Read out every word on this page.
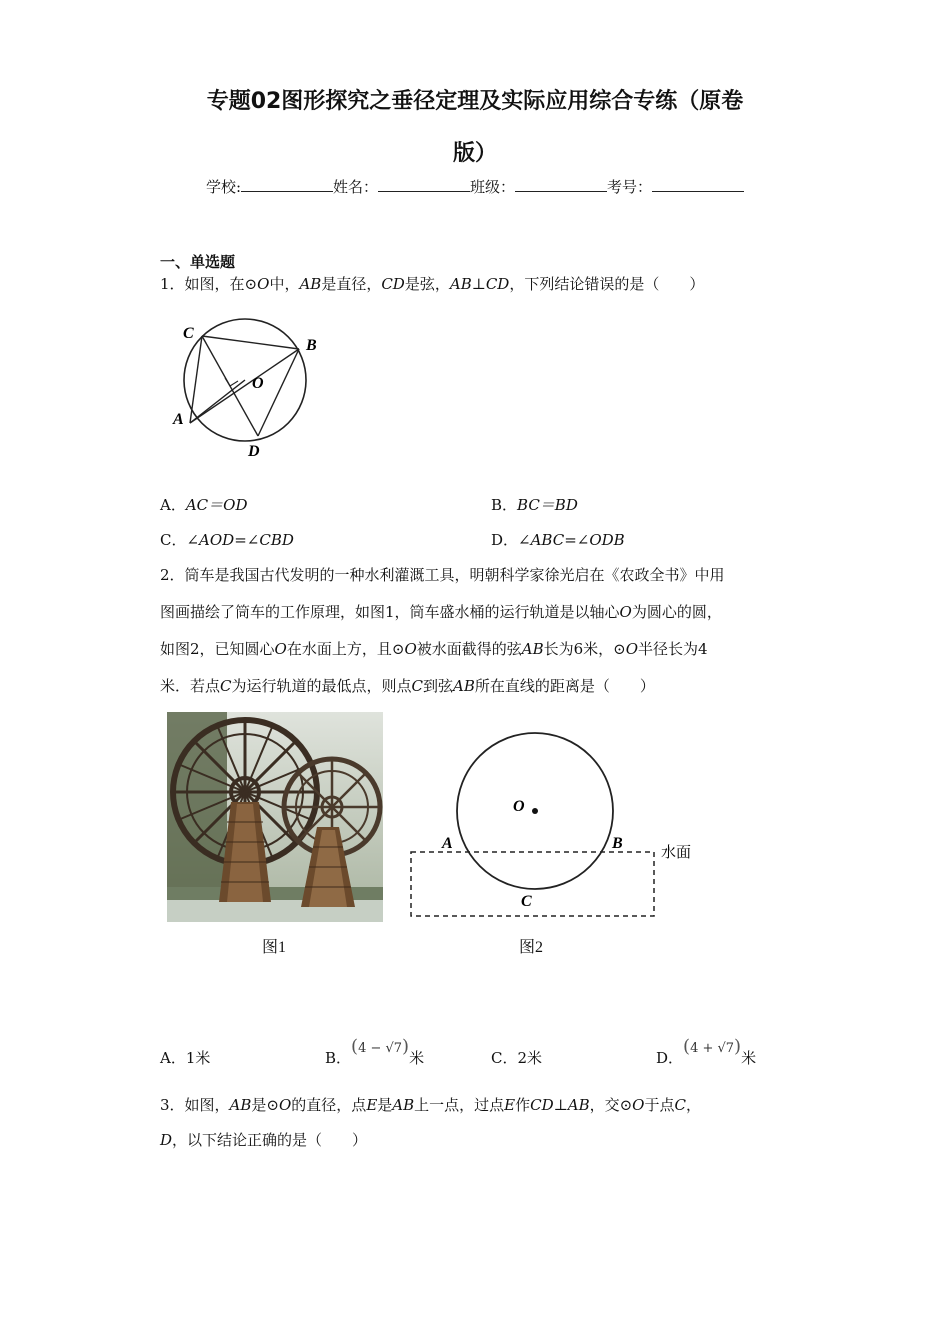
专题02图形探究之垂径定理及实际应用综合专练（原卷
版）
学校:	姓名：	班级：	考号：
一、单选题
1．如图，在⊙O中，AB是直径，CD是弦，AB⊥CD，下列结论错误的是（　　）
C
B
O
A
D
A．AC＝OD	B．BC＝BD
C．∠AOD=∠CBD	D．∠ABC=∠ODB
2．筒车是我国古代发明的一种水利灌溉工具，明朝科学家徐光启在《农政全书》中用
图画描绘了筒车的工作原理，如图1，筒车盛水桶的运行轨道是以轴心O为圆心的圆，
如图2，已知圆心O在水面上方，且⊙O被水面截得的弦AB长为6米，⊙O半径长为4
米．若点C为运行轨道的最低点，则点C到弦AB所在直线的距离是（　　）
图1
O
A	B
C
水面
图2
A．1米	B．(4 − √7)米	C．2米	D．(4 + √7)米
3．如图，AB是⊙O的直径，点E是AB上一点，过点E作CD⊥AB，交⊙O于点C，
D，以下结论正确的是（　　）
